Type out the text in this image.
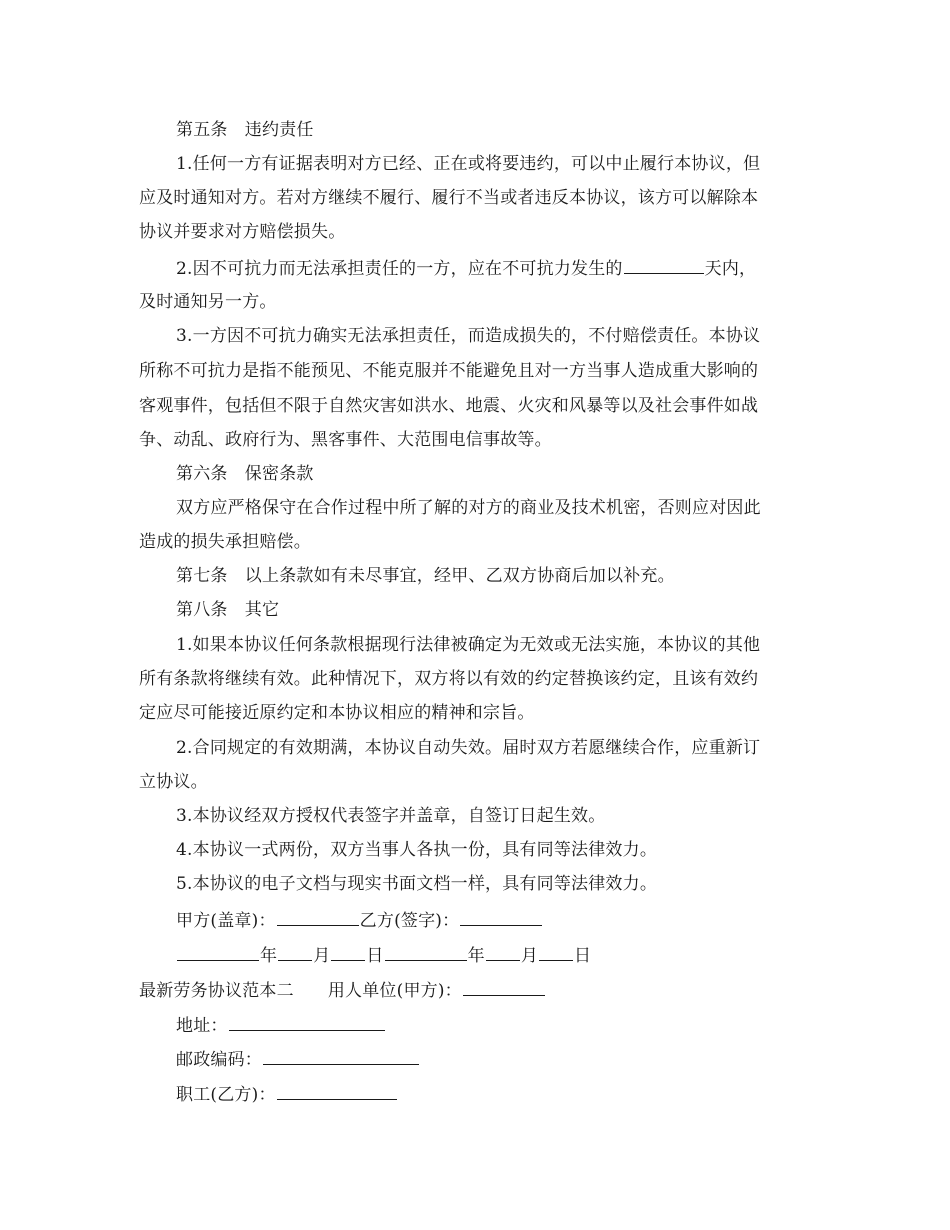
第五条　违约责任
1.任何一方有证据表明对方已经、正在或将要违约，可以中止履行本协议，但
应及时通知对方。若对方继续不履行、履行不当或者违反本协议，该方可以解除本
协议并要求对方赔偿损失。
2.因不可抗力而无法承担责任的一方，应在不可抗力发生的	天内，
及时通知另一方。
3.一方因不可抗力确实无法承担责任，而造成损失的，不付赔偿责任。本协议
所称不可抗力是指不能预见、不能克服并不能避免且对一方当事人造成重大影响的
客观事件，包括但不限于自然灾害如洪水、地震、火灾和风暴等以及社会事件如战
争、动乱、政府行为、黑客事件、大范围电信事故等。
第六条　保密条款
双方应严格保守在合作过程中所了解的对方的商业及技术机密，否则应对因此
造成的损失承担赔偿。
第七条　以上条款如有未尽事宜，经甲、乙双方协商后加以补充。
第八条　其它
1.如果本协议任何条款根据现行法律被确定为无效或无法实施，本协议的其他
所有条款将继续有效。此种情况下，双方将以有效的约定替换该约定，且该有效约
定应尽可能接近原约定和本协议相应的精神和宗旨。
2.合同规定的有效期满，本协议自动失效。届时双方若愿继续合作，应重新订
立协议。
3.本协议经双方授权代表签字并盖章，自签订日起生效。
4.本协议一式两份，双方当事人各执一份，具有同等法律效力。
5.本协议的电子文档与现实书面文档一样，具有同等法律效力。
甲方(盖章)：	乙方(签字)：
年 月 日	年 月 日
最新劳务协议范本二 用人单位(甲方)：
地址：
邮政编码：
职工(乙方)：
